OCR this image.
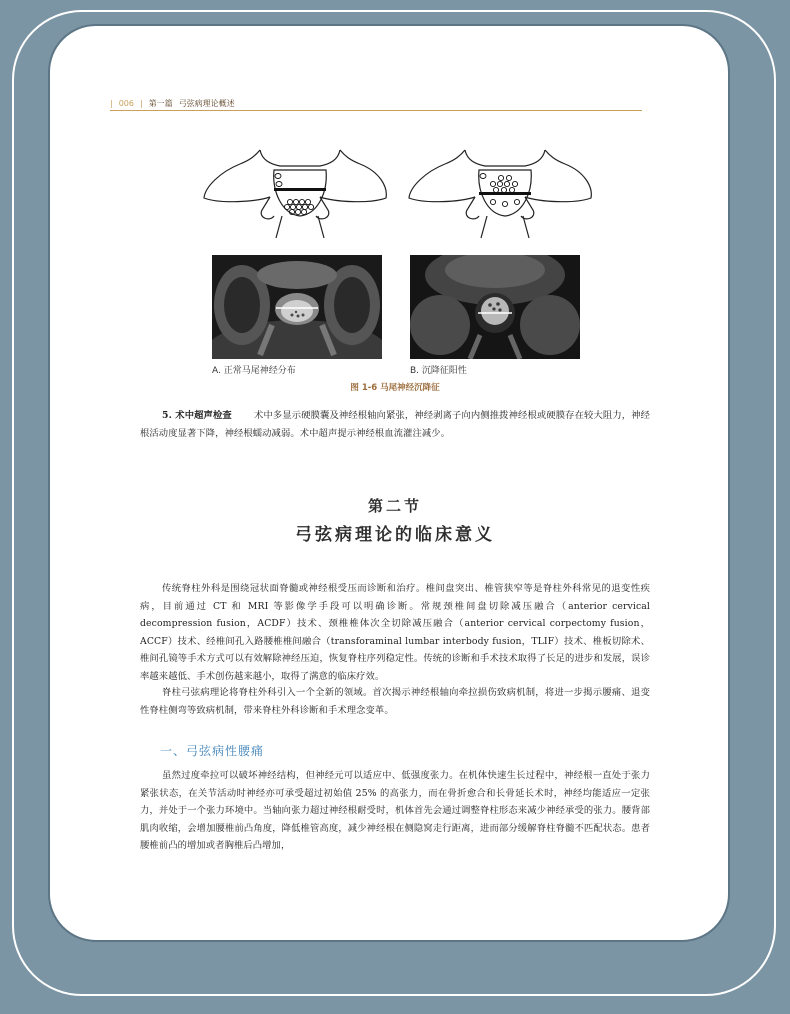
| 006 | 第一篇 弓弦病理论概述
A. 正常马尾神经分布	B. 沉降征阳性
图 1-6 马尾神经沉降征
5. 术中超声检查 术中多显示硬膜囊及神经根轴向紧张，神经剥离子向内侧推拨神经根或硬膜存在较大阻力，神经根活动度显著下降，神经根蠕动减弱。术中超声提示神经根血流灌注减少。
第二节
弓弦病理论的临床意义
传统脊柱外科是围绕冠状面脊髓或神经根受压而诊断和治疗。椎间盘突出、椎管狭窄等是脊柱外科常见的退变性疾病，目前通过 CT 和 MRI 等影像学手段可以明确诊断。常规颈椎间盘切除减压融合（anterior cervical decompression fusion，ACDF）技术、颈椎椎体次全切除减压融合（anterior cervical corpectomy fusion，ACCF）技术、经椎间孔入路腰椎椎间融合（transforaminal lumbar interbody fusion，TLIF）技术、椎板切除术、椎间孔镜等手术方式可以有效解除神经压迫，恢复脊柱序列稳定性。传统的诊断和手术技术取得了长足的进步和发展，误诊率越来越低、手术创伤越来越小，取得了满意的临床疗效。
脊柱弓弦病理论将脊柱外科引入一个全新的领域。首次揭示神经根轴向牵拉损伤致病机制，将进一步揭示腰痛、退变性脊柱侧弯等致病机制，带来脊柱外科诊断和手术理念变革。
一、弓弦病性腰痛
虽然过度牵拉可以破坏神经结构，但神经元可以适应中、低强度张力。在机体快速生长过程中，神经根一直处于张力紧张状态，在关节活动时神经亦可承受超过初始值 25% 的高张力，而在骨折愈合和长骨延长术时，神经均能适应一定张力，并处于一个张力环境中。当轴向张力超过神经根耐受时，机体首先会通过调整脊柱形态来减少神经承受的张力。腰背部肌肉收缩，会增加腰椎前凸角度，降低椎管高度，减少神经根在侧隐窝走行距离，进而部分缓解脊柱脊髓不匹配状态。患者腰椎前凸的增加或者胸椎后凸增加，
